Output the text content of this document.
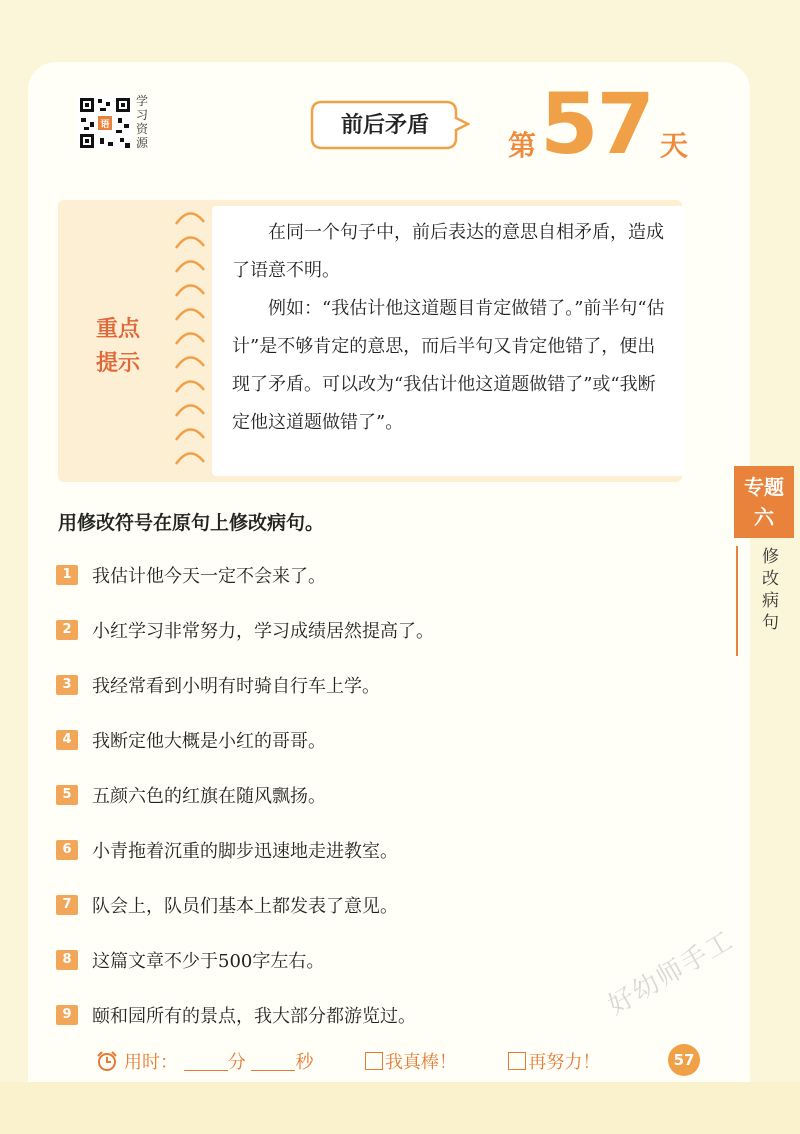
语
学习资源
前后矛盾
第 57 天
重点
提示

在同一个句子中，前后表达的意思自相矛盾，造成了语意不明。

例如：“我估计他这道题目肯定做错了。”前半句“估计”是不够肯定的意思，而后半句又肯定他错了，便出现了矛盾。可以改为“我估计他这道题做错了”或“我断定他这道题做错了”。

专题
六
修改病句
用修改符号在原句上修改病句。
1 我估计他今天一定不会来了。
2 小红学习非常努力，学习成绩居然提高了。
3 我经常看到小明有时骑自行车上学。
4 我断定他大概是小红的哥哥。
5 五颜六色的红旗在随风飘扬。
6 小青拖着沉重的脚步迅速地走进教室。
7 队会上，队员们基本上都发表了意见。
8 这篇文章不少于500字左右。
9 颐和园所有的景点，我大部分都游览过。	好幼师手工
用时：	分	秒	我真棒！	再努力！	57
